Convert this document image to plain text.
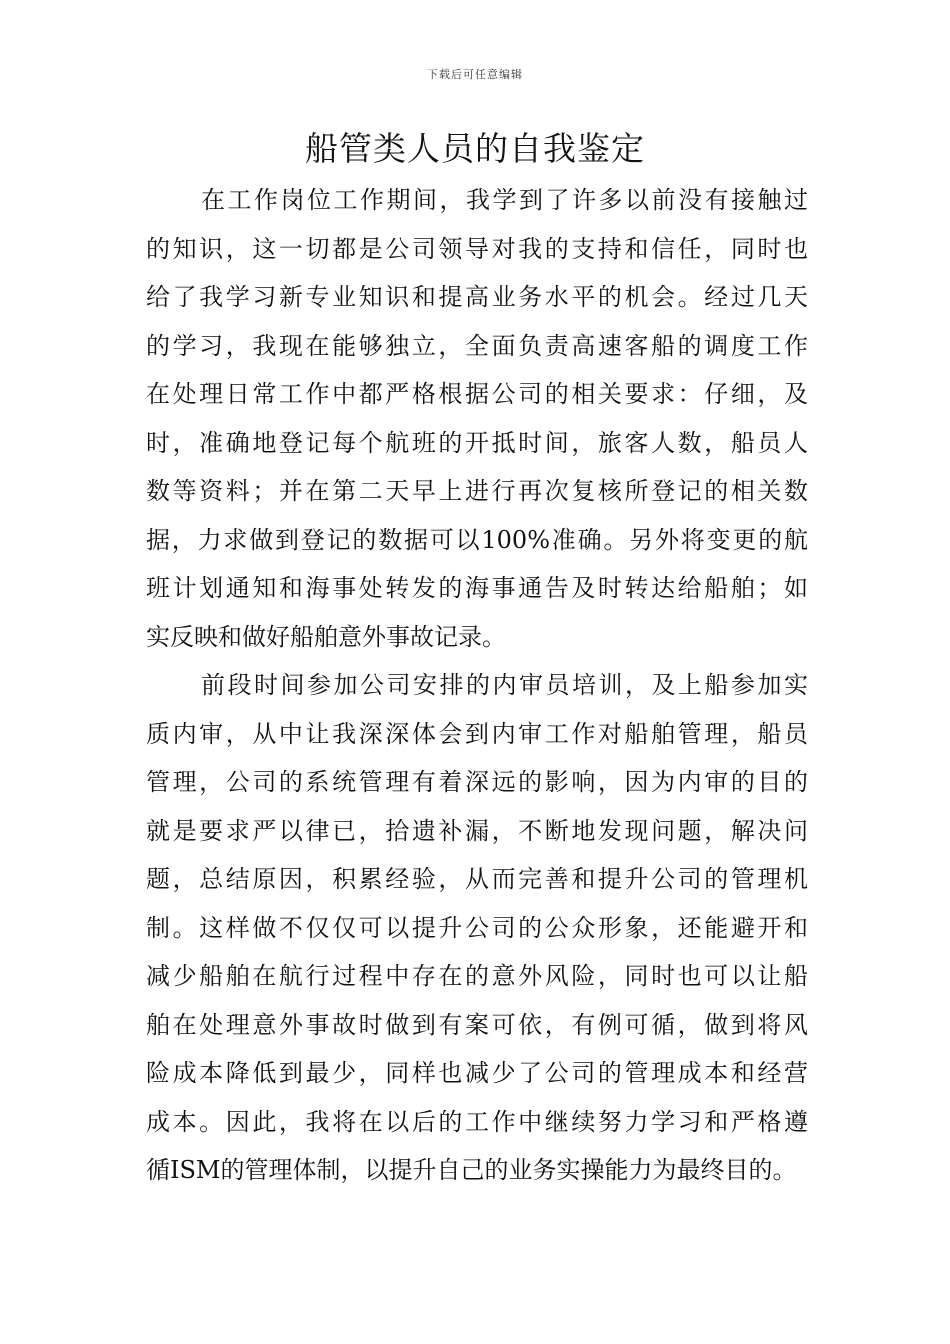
下载后可任意编辑
船管类人员的自我鉴定
在工作岗位工作期间，我学到了许多以前没有接触过
的知识，这一切都是公司领导对我的支持和信任，同时也
给了我学习新专业知识和提高业务水平的机会。经过几天
的学习，我现在能够独立，全面负责高速客船的调度工作
在处理日常工作中都严格根据公司的相关要求：仔细，及
时，准确地登记每个航班的开抵时间，旅客人数，船员人
数等资料；并在第二天早上进行再次复核所登记的相关数
据，力求做到登记的数据可以100%准确。另外将变更的航
班计划通知和海事处转发的海事通告及时转达给船舶；如
实反映和做好船舶意外事故记录。
前段时间参加公司安排的内审员培训，及上船参加实
质内审，从中让我深深体会到内审工作对船舶管理，船员
管理，公司的系统管理有着深远的影响，因为内审的目的
就是要求严以律已，拾遗补漏，不断地发现问题，解决问
题，总结原因，积累经验，从而完善和提升公司的管理机
制。这样做不仅仅可以提升公司的公众形象，还能避开和
减少船舶在航行过程中存在的意外风险，同时也可以让船
舶在处理意外事故时做到有案可依，有例可循，做到将风
险成本降低到最少，同样也减少了公司的管理成本和经营
成本。因此，我将在以后的工作中继续努力学习和严格遵
循ISM的管理体制，以提升自己的业务实操能力为最终目的。
